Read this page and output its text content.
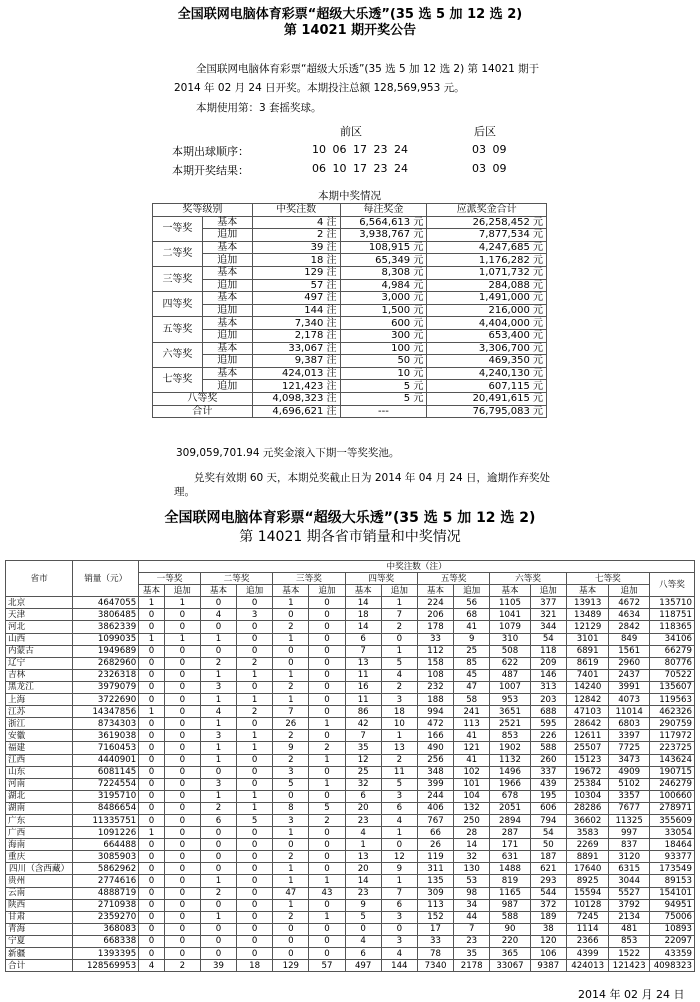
全国联网电脑体育彩票“超级大乐透”(35 选 5 加 12 选 2)
第 14021 期开奖公告
全国联网电脑体育彩票“超级大乐透”(35 选 5 加 12 选 2) 第 14021 期于
2014 年 02 月 24 日开奖。本期投注总额 128,569,953 元。
本期使用第：3 套摇奖球。
前区	后区
本期出球顺序：	10 06 17 23 24	03 09
本期开奖结果：	06 10 17 23 24	03 09
本期中奖情况
奖等级别		中奖注数	每注奖金	应派奖金合计
一等奖	基本	4 注	6,564,613 元	26,258,452 元
	追加	2 注	3,938,767 元	7,877,534 元
二等奖	基本	39 注	108,915 元	4,247,685 元
	追加	18 注	65,349 元	1,176,282 元
三等奖	基本	129 注	8,308 元	1,071,732 元
	追加	57 注	4,984 元	284,088 元
四等奖	基本	497 注	3,000 元	1,491,000 元
	追加	144 注	1,500 元	216,000 元
五等奖	基本	7,340 注	600 元	4,404,000 元
	追加	2,178 注	300 元	653,400 元
六等奖	基本	33,067 注	100 元	3,306,700 元
	追加	9,387 注	50 元	469,350 元
七等奖	基本	424,013 注	10 元	4,240,130 元
	追加	121,423 注	5 元	607,115 元
八等奖		4,098,323 注	5 元	20,491,615 元
合计		4,696,621 注	---	76,795,083 元
309,059,701.94 元奖金滚入下期一等奖奖池。
兑奖有效期 60 天，本期兑奖截止日为 2014 年 04 月 24 日，逾期作弃奖处理。
全国联网电脑体育彩票“超级大乐透”(35 选 5 加 12 选 2)
第 14021 期各省市销量和中奖情况
省市	销量（元）	中奖注数（注）														
		一等奖		二等奖		三等奖		四等奖		五等奖		六等奖		七等奖		八等奖
		基本	追加	基本	追加	基本	追加	基本	追加	基本	追加	基本	追加	基本	追加	
北京	4647055	1	1	0	0	1	0	14	1	224	56	1105	377	13913	4672	135710
天津	3806485	0	0	4	3	0	0	18	7	206	68	1041	321	13489	4634	118751
河北	3862339	0	0	0	0	2	0	14	2	178	41	1079	344	12129	2842	118365
山西	1099035	1	1	1	0	1	0	6	0	33	9	310	54	3101	849	34106
内蒙古	1949689	0	0	0	0	0	0	7	1	112	25	508	118	6891	1561	66279
辽宁	2682960	0	0	2	2	0	0	13	5	158	85	622	209	8619	2960	80776
吉林	2326318	0	0	1	1	1	0	11	4	108	45	487	146	7401	2437	70522
黑龙江	3979079	0	0	3	0	2	0	16	2	232	47	1007	313	14240	3991	135607
上海	3722690	0	0	1	1	1	0	11	3	188	58	953	203	12842	4073	119563
江苏	14347856	1	0	4	2	7	0	86	18	994	241	3651	688	47103	11014	462326
浙江	8734303	0	0	1	0	26	1	42	10	472	113	2521	595	28642	6803	290759
安徽	3619038	0	0	3	1	2	0	7	1	166	41	853	226	12611	3397	117972
福建	7160453	0	0	1	1	9	2	35	13	490	121	1902	588	25507	7725	223725
江西	4440901	0	0	1	0	2	1	12	2	256	41	1132	260	15123	3473	143624
山东	6081145	0	0	0	0	3	0	25	11	348	102	1496	337	19672	4909	190715
河南	7224554	0	0	3	0	5	1	32	5	399	101	1966	439	25384	5102	246279
湖北	3195710	0	0	1	1	0	0	6	3	244	104	678	195	10304	3357	100660
湖南	8486654	0	0	2	1	8	5	20	6	406	132	2051	606	28286	7677	278971
广东	11335751	0	0	6	5	3	2	23	4	767	250	2894	794	36602	11325	355609
广西	1091226	1	0	0	0	1	0	4	1	66	28	287	54	3583	997	33054
海南	664488	0	0	0	0	0	0	1	0	26	14	171	50	2269	837	18464
重庆	3085903	0	0	0	0	2	0	13	12	119	32	631	187	8891	3120	93377
四川（含西藏）	5862962	0	0	0	0	1	0	20	9	311	130	1488	621	17640	6315	173549
贵州	2774616	0	0	1	0	1	1	14	1	135	53	819	293	8925	3044	89153
云南	4888719	0	0	2	0	47	43	23	7	309	98	1165	544	15594	5527	154101
陕西	2710938	0	0	0	0	1	0	9	6	113	34	987	372	10128	3792	94951
甘肃	2359270	0	0	1	0	2	1	5	3	152	44	588	189	7245	2134	75006
青海	368083	0	0	0	0	0	0	0	0	17	7	90	38	1114	481	10893
宁夏	668338	0	0	0	0	0	0	4	3	33	23	220	120	2366	853	22097
新疆	1393395	0	0	0	0	0	0	6	4	78	35	365	106	4399	1522	43359
合计	128569953	4	2	39	18	129	57	497	144	7340	2178	33067	9387	424013	121423	4098323
2014 年 02 月 24 日
